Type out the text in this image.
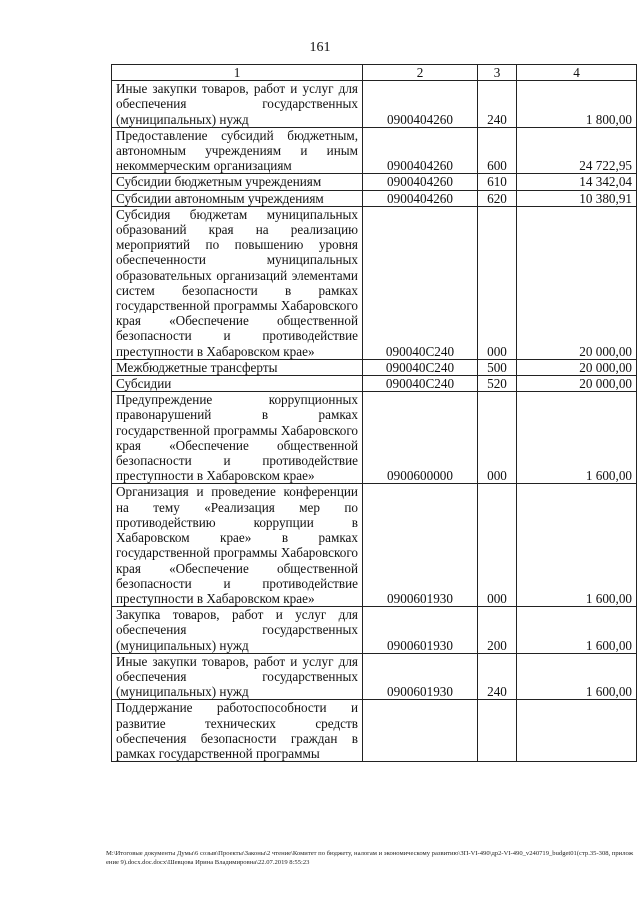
161
1	2	3	4
Иные закупки товаров, работ и услуг для обеспечения государственных (муниципальных) нужд	0900404260	240	1 800,00
Предоставление субсидий бюджетным, автономным учреждениям и иным некоммерческим организациям	0900404260	600	24 722,95
Субсидии бюджетным учреждениям	0900404260	610	14 342,04
Субсидии автономным учреждениям	0900404260	620	10 380,91
Субсидия бюджетам муниципальных образований края на реализацию мероприятий по повышению уровня обеспеченности муниципальных образовательных организаций элементами систем безопасности в рамках государственной программы Хабаровского края «Обеспечение общественной безопасности и противодействие преступности в Хабаровском крае»	090040С240	000	20 000,00
Межбюджетные трансферты	090040С240	500	20 000,00
Субсидии	090040С240	520	20 000,00
Предупреждение коррупционных правонарушений в рамках государственной программы Хабаровского края «Обеспечение общественной безопасности и противодействие преступности в Хабаровском крае»	0900600000	000	1 600,00
Организация и проведение конференции на тему «Реализация мер по противодействию коррупции в Хабаровском крае» в рамках государственной программы Хабаровского края «Обеспечение общественной безопасности и противодействие преступности в Хабаровском крае»	0900601930	000	1 600,00
Закупка товаров, работ и услуг для обеспечения государственных (муниципальных) нужд	0900601930	200	1 600,00
Иные закупки товаров, работ и услуг для обеспечения государственных (муниципальных) нужд	0900601930	240	1 600,00
Поддержание работоспособности и развитие технических средств обеспечения безопасности граждан в рамках государственной программы			
М:\Итоговые документы Думы\6 созыв\Проекты\Законы\2 чтение\Комитет по бюджету, налогам и экономическому развитию\ЗП-VI-490\др2-VI-490_v240719_budget01(стр.35-308, приложение 9).docx.doc.docx\Шевцова Ирина Владимировна\22.07.2019 8:55:23
